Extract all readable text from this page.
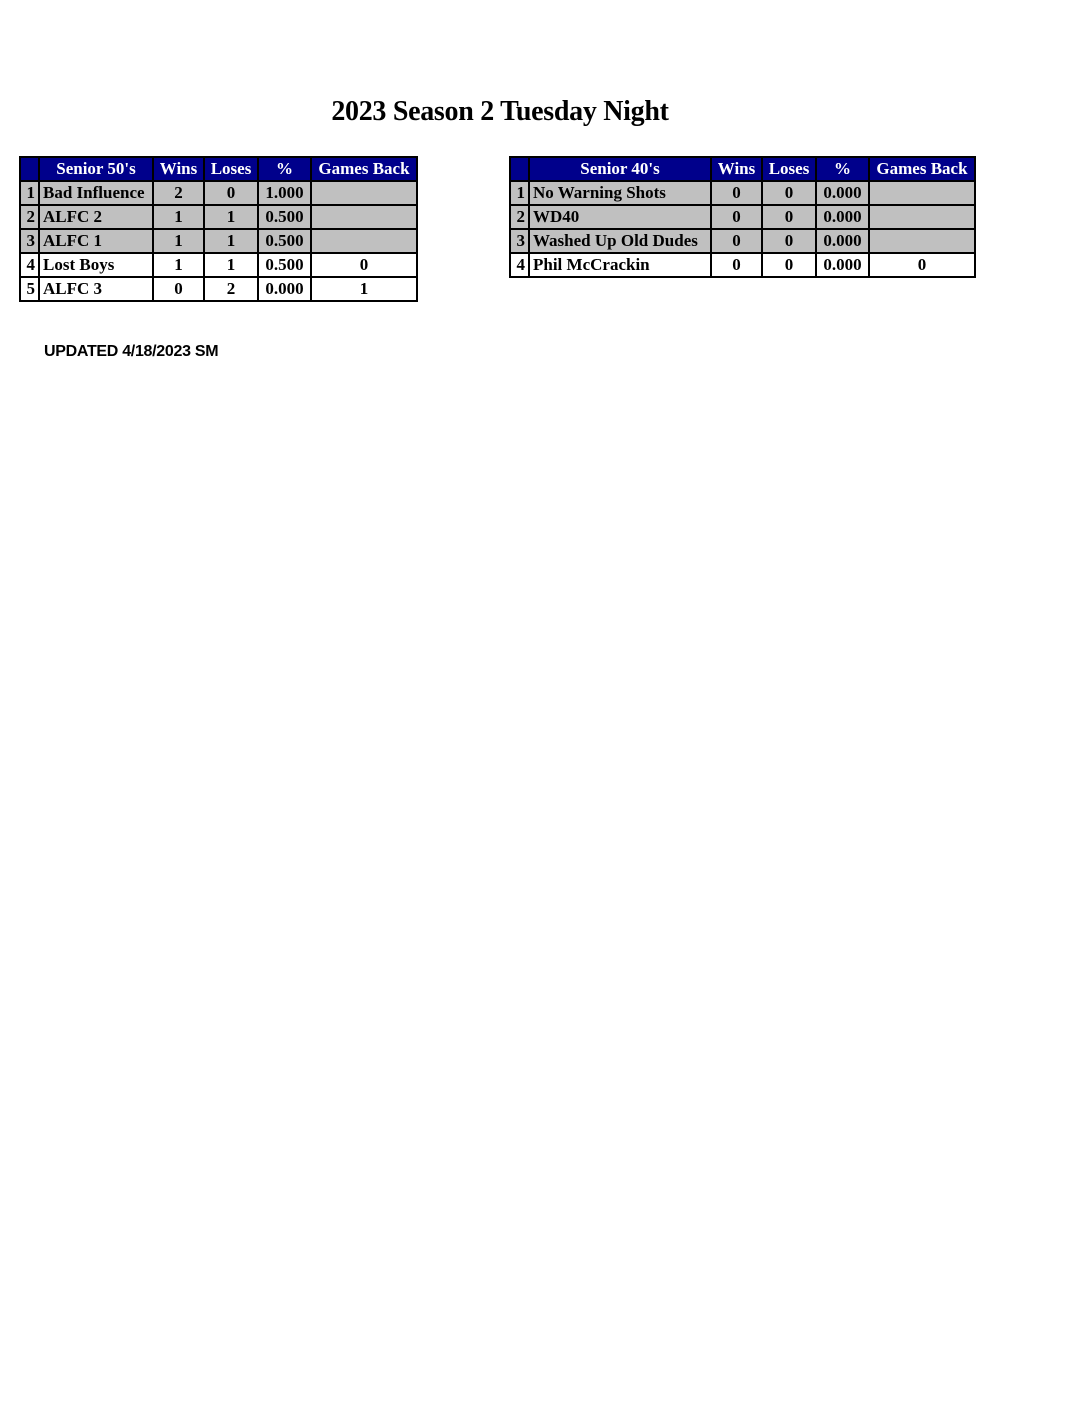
2023 Season 2 Tuesday Night
	Senior 50's	Wins	Loses	%	Games Back
1	Bad Influence	2	0	1.000	
2	ALFC 2	1	1	0.500	
3	ALFC 1	1	1	0.500	
4	Lost Boys	1	1	0.500	0
5	ALFC 3	0	2	0.000	1
	Senior 40's	Wins	Loses	%	Games Back
1	No Warning Shots	0	0	0.000	
2	WD40	0	0	0.000	
3	Washed Up Old Dudes	0	0	0.000	
4	Phil McCrackin	0	0	0.000	0
UPDATED 4/18/2023 SM
